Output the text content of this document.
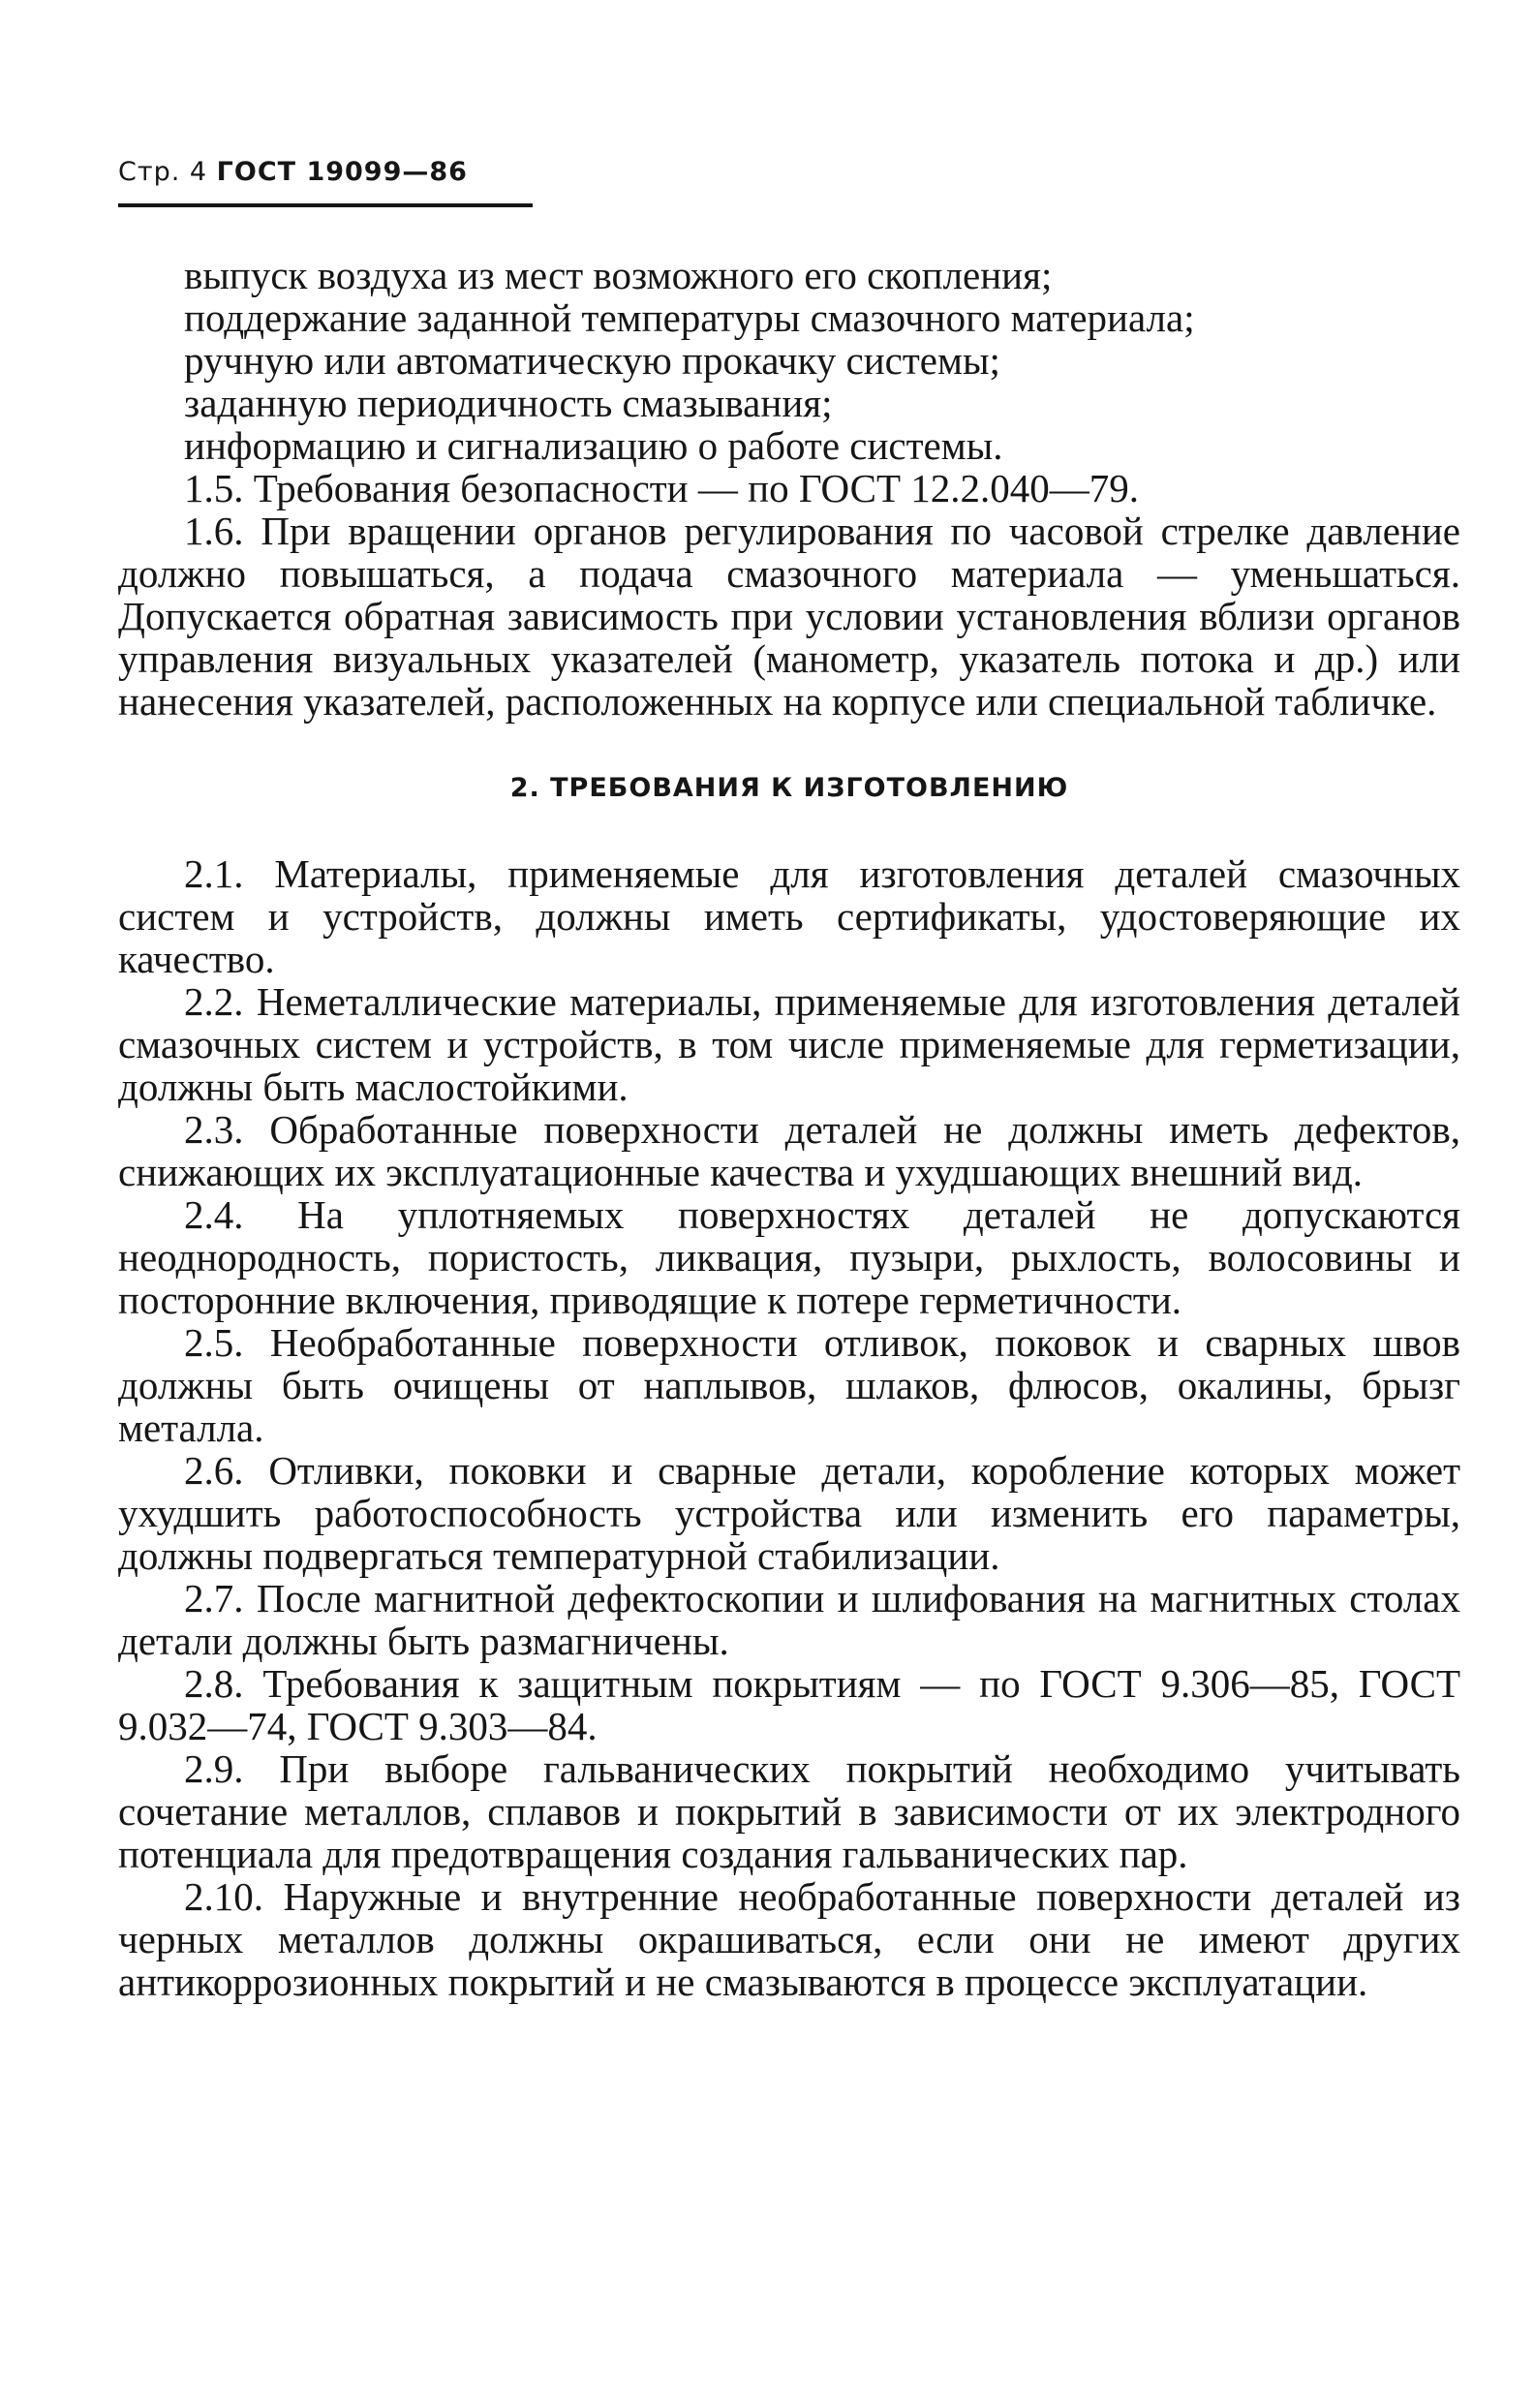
Стр. 4 ГОСТ 19099—86

выпуск воздуха из мест возможного его скопления;

поддержание заданной температуры смазочного материала;

ручную или автоматическую прокачку системы;

заданную периодичность смазывания;

информацию и сигнализацию о работе системы.

1.5. Требования безопасности — по ГОСТ 12.2.040—79.

1.6. При вращении органов регулирования по часовой стрелке давление должно повышаться, а подача смазочного материала — уменьшаться. Допускается обратная зависимость при условии установления вблизи органов управления визуальных указателей (манометр, указатель потока и др.) или нанесения указателей, расположенных на корпусе или специальной табличке.

2. ТРЕБОВАНИЯ К ИЗГОТОВЛЕНИЮ

2.1. Материалы, применяемые для изготовления деталей смазочных систем и устройств, должны иметь сертификаты, удостоверяющие их качество.

2.2. Неметаллические материалы, применяемые для изготовления деталей смазочных систем и устройств, в том числе применяемые для герметизации, должны быть маслостойкими.

2.3. Обработанные поверхности деталей не должны иметь дефектов, снижающих их эксплуатационные качества и ухудшающих внешний вид.

2.4. На уплотняемых поверхностях деталей не допускаются неоднородность, пористость, ликвация, пузыри, рыхлость, волосовины и посторонние включения, приводящие к потере герметичности.

2.5. Необработанные поверхности отливок, поковок и сварных швов должны быть очищены от наплывов, шлаков, флюсов, окалины, брызг металла.

2.6. Отливки, поковки и сварные детали, коробление которых может ухудшить работоспособность устройства или изменить его параметры, должны подвергаться температурной стабилизации.

2.7. После магнитной дефектоскопии и шлифования на магнитных столах детали должны быть размагничены.

2.8. Требования к защитным покрытиям — по ГОСТ 9.306—85, ГОСТ 9.032—74, ГОСТ 9.303—84.

2.9. При выборе гальванических покрытий необходимо учитывать сочетание металлов, сплавов и покрытий в зависимости от их электродного потенциала для предотвращения создания гальванических пар.

2.10. Наружные и внутренние необработанные поверхности деталей из черных металлов должны окрашиваться, если они не имеют других антикоррозионных покрытий и не смазываются в процессе эксплуатации.
